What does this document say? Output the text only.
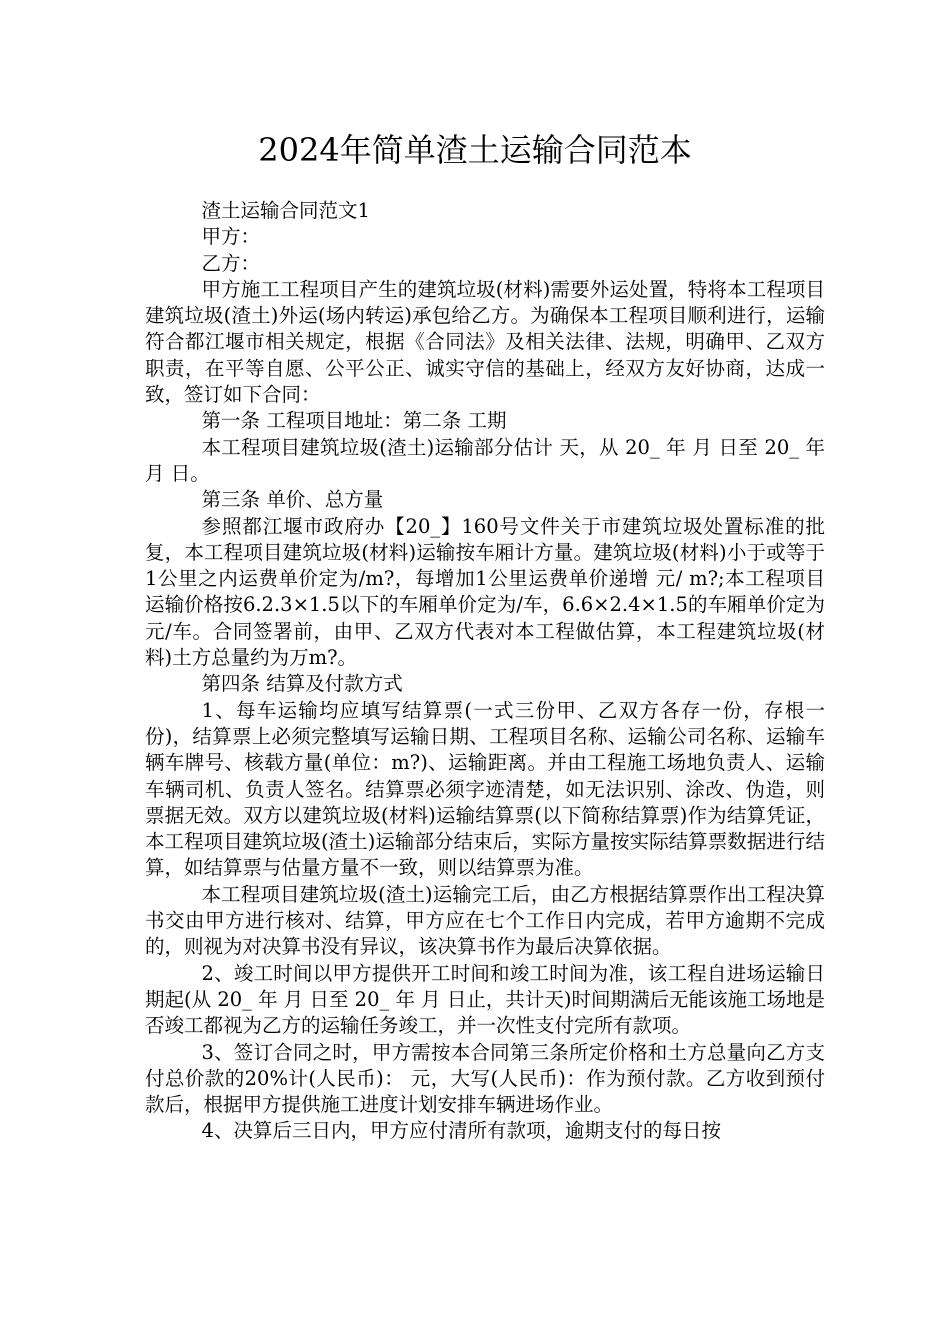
2024年简单渣土运输合同范本

渣土运输合同范文1

甲方：

乙方：

甲方施工工程项目产生的建筑垃圾(材料)需要外运处置，特将本工程项目建筑垃圾(渣土)外运(场内转运)承包给乙方。为确保本工程项目顺利进行，运输符合都江堰市相关规定，根据《合同法》及相关法律、法规，明确甲、乙双方职责，在平等自愿、公平公正、诚实守信的基础上，经双方友好协商，达成一致，签订如下合同：

第一条 工程项目地址：第二条 工期

本工程项目建筑垃圾(渣土)运输部分估计 天，从 20_ 年 月 日至 20_ 年 月 日。

第三条 单价、总方量

参照都江堰市政府办【20_】160号文件关于市建筑垃圾处置标准的批复，本工程项目建筑垃圾(材料)运输按车厢计方量。建筑垃圾(材料)小于或等于1公里之内运费单价定为/m?，每增加1公里运费单价递增 元/ m?;本工程项目运输价格按6.2.3×1.5以下的车厢单价定为/车，6.6×2.4×1.5的车厢单价定为元/车。合同签署前，由甲、乙双方代表对本工程做估算，本工程建筑垃圾(材料)土方总量约为万m?。

第四条 结算及付款方式

1、每车运输均应填写结算票(一式三份甲、乙双方各存一份，存根一份)，结算票上必须完整填写运输日期、工程项目名称、运输公司名称、运输车辆车牌号、核载方量(单位：m?)、运输距离。并由工程施工场地负责人、运输车辆司机、负责人签名。结算票必须字迹清楚，如无法识别、涂改、伪造，则票据无效。双方以建筑垃圾(材料)运输结算票(以下简称结算票)作为结算凭证，本工程项目建筑垃圾(渣土)运输部分结束后，实际方量按实际结算票数据进行结算，如结算票与估量方量不一致，则以结算票为准。

本工程项目建筑垃圾(渣土)运输完工后，由乙方根据结算票作出工程决算书交由甲方进行核对、结算，甲方应在七个工作日内完成，若甲方逾期不完成的，则视为对决算书没有异议，该决算书作为最后决算依据。

2、竣工时间以甲方提供开工时间和竣工时间为准，该工程自进场运输日期起(从 20_ 年 月 日至 20_ 年 月 日止，共计天)时间期满后无能该施工场地是否竣工都视为乙方的运输任务竣工，并一次性支付完所有款项。

3、签订合同之时，甲方需按本合同第三条所定价格和土方总量向乙方支付总价款的20%计(人民币)： 元，大写(人民币)：作为预付款。乙方收到预付款后，根据甲方提供施工进度计划安排车辆进场作业。

4、决算后三日内，甲方应付清所有款项，逾期支付的每日按
